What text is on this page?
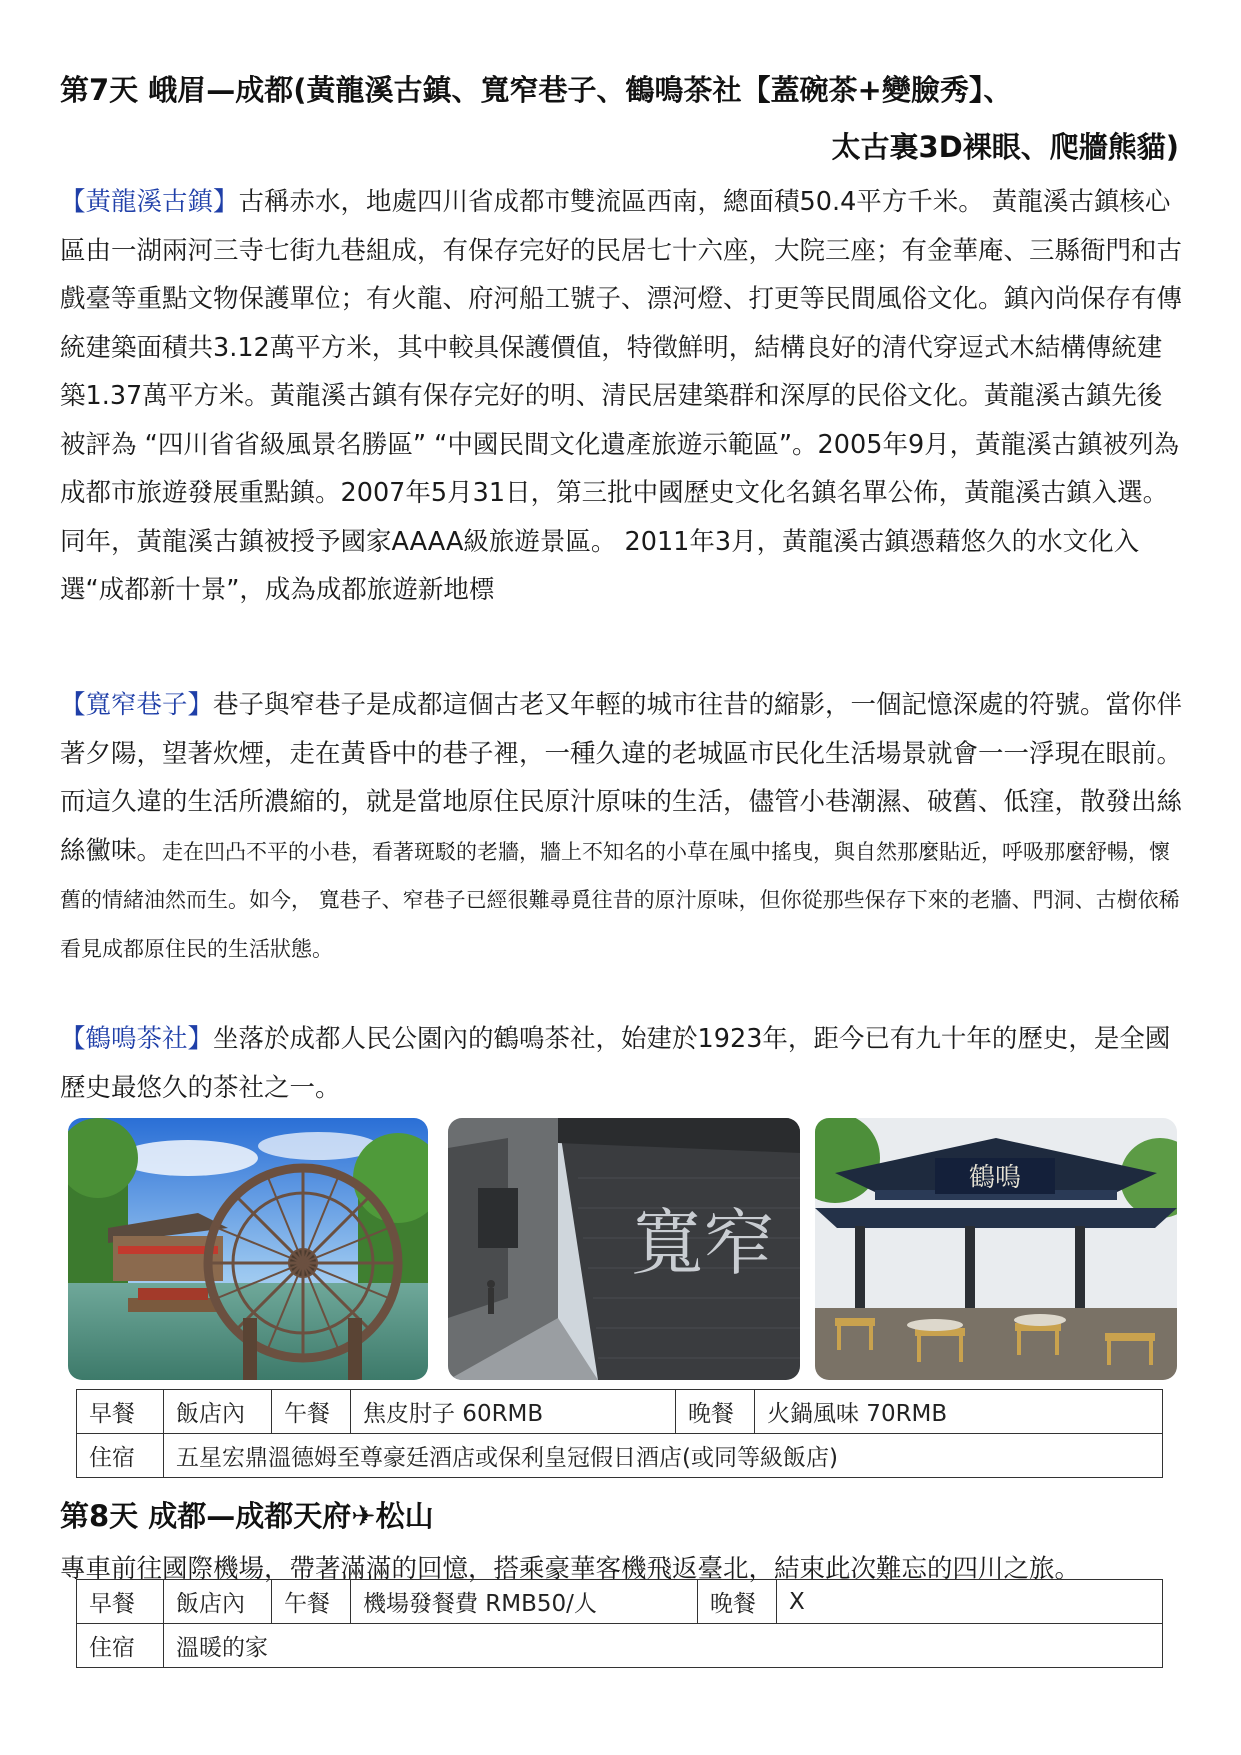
第7天 峨眉—成都(黃龍溪古鎮、寬窄巷子、鶴鳴茶社【蓋碗茶+變臉秀】、
太古裏3D裸眼、爬牆熊貓)
【黃龍溪古鎮】古稱赤水，地處四川省成都市雙流區西南，總面積50.4平方千米。 黃龍溪古鎮核心區由一湖兩河三寺七街九巷組成，有保存完好的民居七十六座，大院三座；有金華庵、三縣衙門和古戲臺等重點文物保護單位；有火龍、府河船工號子、漂河燈、打更等民間風俗文化。鎮內尚保存有傳統建築面積共3.12萬平方米，其中較具保護價值，特徵鮮明，結構良好的清代穿逗式木結構傳統建築1.37萬平方米。黃龍溪古鎮有保存完好的明、清民居建築群和深厚的民俗文化。黃龍溪古鎮先後被評為 “四川省省級風景名勝區” “中國民間文化遺產旅遊示範區”。2005年9月，黃龍溪古鎮被列為成都市旅遊發展重點鎮。2007年5月31日，第三批中國歷史文化名鎮名單公佈，黃龍溪古鎮入選。 同年，黃龍溪古鎮被授予國家AAAA級旅遊景區。 2011年3月，黃龍溪古鎮憑藉悠久的水文化入選“成都新十景”，成為成都旅遊新地標
【寬窄巷子】巷子與窄巷子是成都這個古老又年輕的城市往昔的縮影，一個記憶深處的符號。當你伴著夕陽，望著炊煙，走在黃昏中的巷子裡，一種久違的老城區市民化生活場景就會一一浮現在眼前。而這久違的生活所濃縮的，就是當地原住民原汁原味的生活，儘管小巷潮濕、破舊、低窪，散發出絲絲黴味。走在凹凸不平的小巷，看著斑駁的老牆，牆上不知名的小草在風中搖曳，與自然那麼貼近，呼吸那麼舒暢，懷舊的情緒油然而生。如今， 寬巷子、窄巷子已經很難尋覓往昔的原汁原味，但你從那些保存下來的老牆、門洞、古樹依稀看見成都原住民的生活狀態。
【鶴鳴茶社】坐落於成都人民公園內的鶴鳴茶社，始建於1923年，距今已有九十年的歷史，是全國歷史最悠久的茶社之一。
寬窄
鶴鳴
早餐	飯店內	午餐	焦皮肘子 60RMB	晚餐	火鍋風味 70RMB
住宿	五星宏鼎溫德姆至尊豪廷酒店或保利皇冠假日酒店(或同等級飯店)				
第8天 成都—成都天府✈松山
專車前往國際機場，帶著滿滿的回憶，搭乘豪華客機飛返臺北，結束此次難忘的四川之旅。
早餐	飯店內	午餐	機場發餐費 RMB50/人	晚餐	X
住宿	溫暖的家				
